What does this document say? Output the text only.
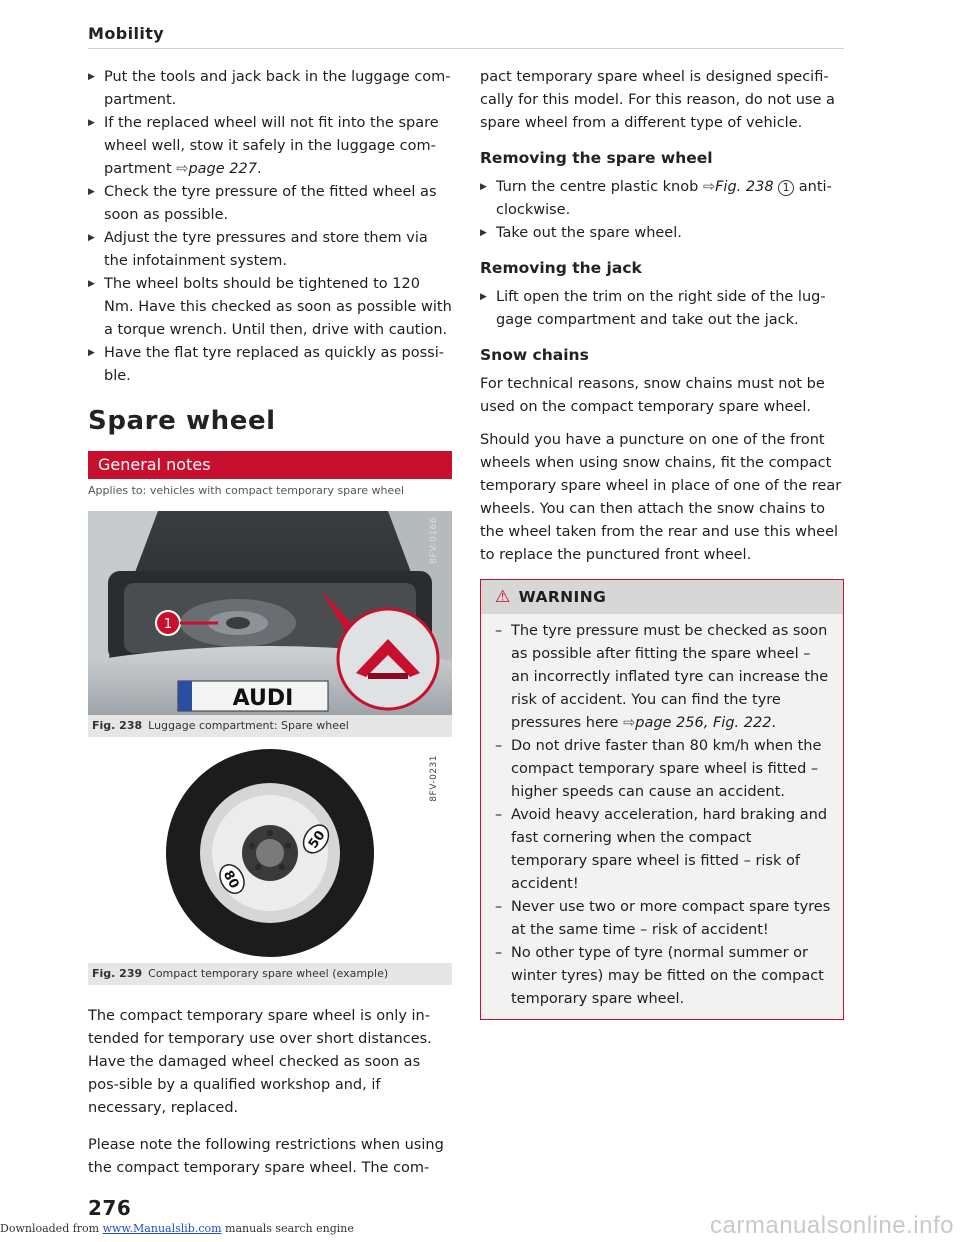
Mobility
▶ Put the tools and jack back in the luggage com-partment.
▶ If the replaced wheel will not fit into the spare wheel well, stow it safely in the luggage com-partment ⇨page 227.
▶ Check the tyre pressure of the fitted wheel as soon as possible.
▶ Adjust the tyre pressures and store them via the infotainment system.
▶ The wheel bolts should be tightened to 120 Nm. Have this checked as soon as possible with a torque wrench. Until then, drive with caution.
▶ Have the flat tyre replaced as quickly as possi-ble.
Spare wheel
General notes
Applies to: vehicles with compact temporary spare wheel
AUDI
1
8FV-0166
Fig. 238 Luggage compartment: Spare wheel
50
80
8FV-0231
Fig. 239 Compact temporary spare wheel (example)

The compact temporary spare wheel is only in-tended for temporary use over short distances. Have the damaged wheel checked as soon as pos-sible by a qualified workshop and, if necessary, replaced.

Please note the following restrictions when using the compact temporary spare wheel. The com-

pact temporary spare wheel is designed specifi-cally for this model. For this reason, do not use a spare wheel from a different type of vehicle.

Removing the spare wheel
▶ Turn the centre plastic knob ⇨Fig. 238 1 anti-clockwise.
▶ Take out the spare wheel.
Removing the jack
▶ Lift open the trim on the right side of the lug-gage compartment and take out the jack.
Snow chains

For technical reasons, snow chains must not be used on the compact temporary spare wheel.

Should you have a puncture on one of the front wheels when using snow chains, fit the compact temporary spare wheel in place of one of the rear wheels. You can then attach the snow chains to the wheel taken from the rear and use this wheel to replace the punctured front wheel.

⚠ WARNING
– The tyre pressure must be checked as soon as possible after fitting the spare wheel – an incorrectly inflated tyre can increase the risk of accident. You can find the tyre pressures here ⇨page 256, Fig. 222.
– Do not drive faster than 80 km/h when the compact temporary spare wheel is fitted – higher speeds can cause an accident.
– Avoid heavy acceleration, hard braking and fast cornering when the compact temporary spare wheel is fitted – risk of accident!
– Never use two or more compact spare tyres at the same time – risk of accident!
– No other type of tyre (normal summer or winter tyres) may be fitted on the compact temporary spare wheel.
276
Downloaded from www.Manualslib.com manuals search engine	carmanualsonline.info
